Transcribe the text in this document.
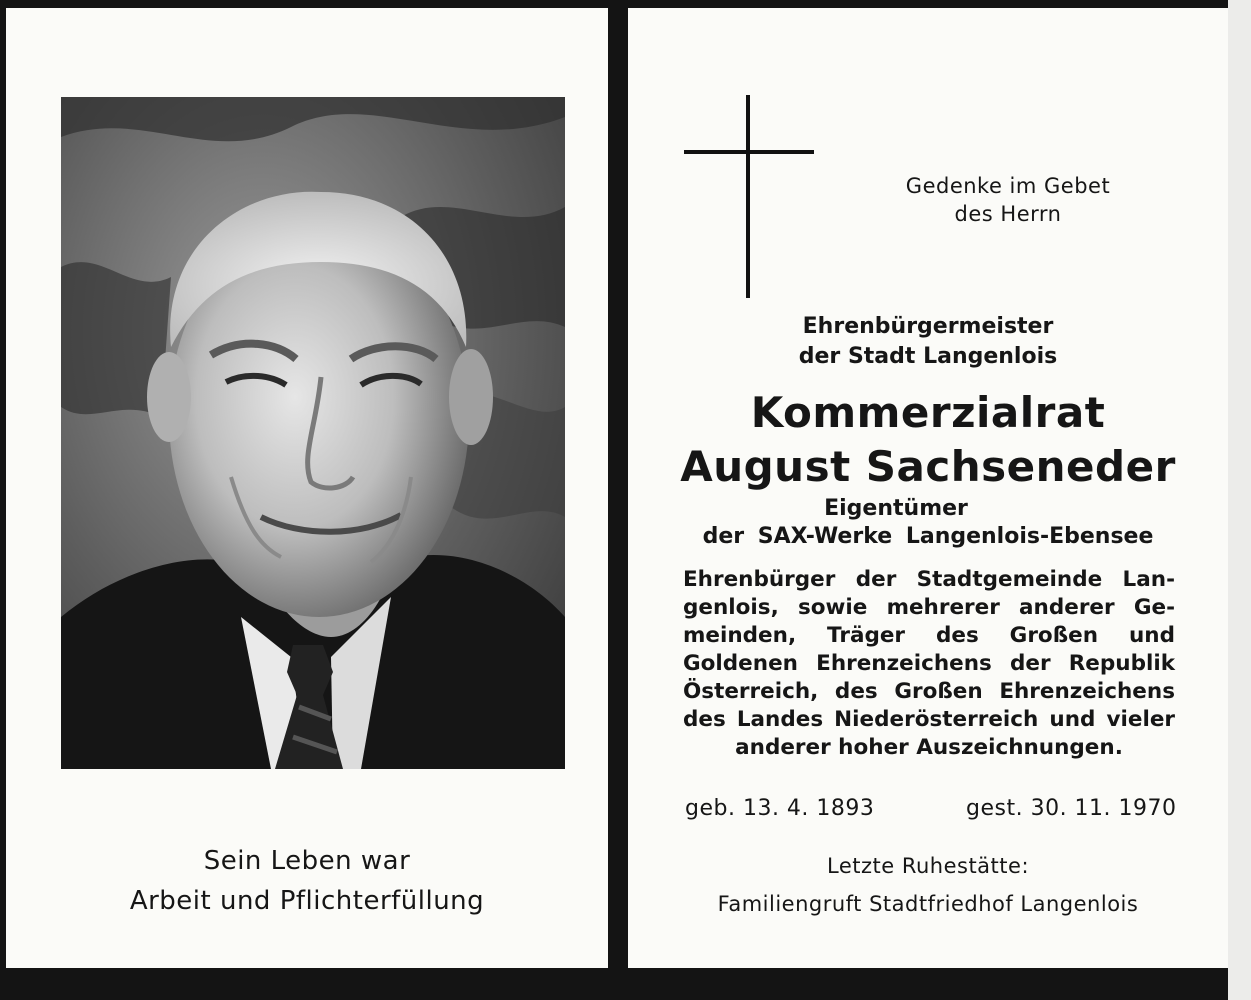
Sein Leben war
Arbeit und Pflichterfüllung
Gedenke im Gebet
des Herrn
Ehrenbürgermeister
der Stadt Langenlois
Kommerzialrat
August Sachseneder
Eigentümer
der SAX-Werke Langenlois-Ebensee
Ehrenbürger der Stadtgemeinde Lan-
genlois, sowie mehrerer anderer Ge-
meinden, Träger des Großen und
Goldenen Ehrenzeichens der Republik
Österreich, des Großen Ehrenzeichens
des Landes Niederösterreich und vieler
anderer hoher Auszeichnungen.
geb. 13. 4. 1893	gest. 30. 11. 1970
Letzte Ruhestätte:
Familiengruft Stadtfriedhof Langenlois
